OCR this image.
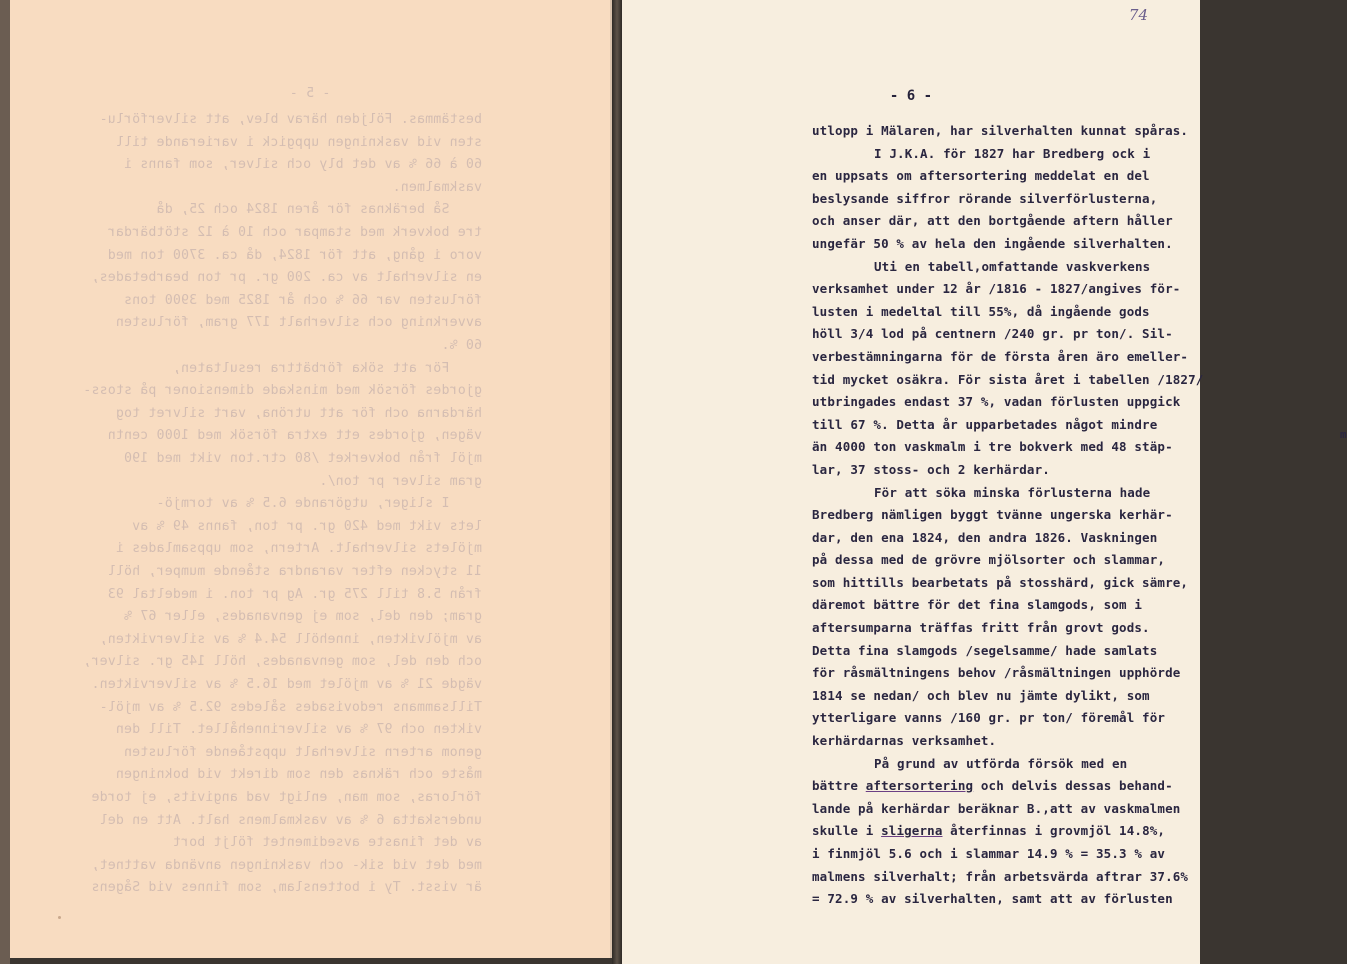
- 5 -
bestämmas. Följden härav blev, att silverförlu-
sten vid vaskningen uppgick i varierande till
60 à 66 % av det bly och silver, som fanns i
vaskmalmen.
Så beräknas för åren 1824 och 25, då
tre bokverk med stampar och 10 à 12 stötbärdar
voro i gång, att för 1824, då ca. 3700 ton med
en silverhalt av ca. 200 gr. pr ton bearbetades,
förlusten var 66 % och år 1825 med 3900 tons
avverkning och silverhalt 177 gram, förlusten
60 %.
För att söka förbättra resultaten,
gjordes försök med minskade dimensioner på stoss-
härdarna och för att utröna, vart silvret tog
vägen, gjordes ett extra försök med 1000 centn
mjöl från bokverket /80 ctr.ton vikt med 190
gram silver pr ton/.
I sliger, utgörande 6.5 % av tormjö-
lets vikt med 420 gr. pr ton, fanns 49 % av
mjölets silverhalt. Artern, som uppsamlades i
11 stycken efter varandra stående mumper, höll
från 5.8 till 275 gr. Ag pr ton. i medeltal 93
gram; den del, som ej genvanades, eller 67 %
av mjölvikten, innehöll 54.4 % av silvervikten,
och den del, som genvanades, höll 145 gr. silver,
vägde 21 % av mjölet med 16.5 % av silvervikten.
Tillsammans redovisades således 92.5 % av mjöl-
vikten och 97 % av silverinnehållet. Till den
genom artern silverhalt uppstående förlusten
måste och räknas den som direkt vid bokningen
förloras, som man, enligt vad angivits, ej torde
underskatta 6 % av vaskmalmens halt. Att en del
av det finaste avsedimentet följt bort
med det vid sik- och vaskningen använda vattnet,
är visst. Ty i bottenslam, som finnes vid Sågens
74
- 6 -
utlopp i Mälaren, har silverhalten kunnat spåras.
I J.K.A. för 1827 har Bredberg ock i
en uppsats om aftersortering meddelat en del
beslysande siffror rörande silverförlusterna,
och anser där, att den bortgående aftern håller
ungefär 50 % av hela den ingående silverhalten.
Uti en tabell,omfattande vaskverkens
verksamhet under 12 år /1816 - 1827/angives för-
lusten i medeltal till 55%, då ingående gods
höll 3/4 lod på centnern /240 gr. pr ton/. Sil-
verbestämningarna för de första åren äro emeller-
tid mycket osäkra. För sista året i tabellen /1827/
utbringades endast 37 %, vadan förlusten uppgick
till 67 %. Detta år upparbetades något mindre
än 4000 ton vaskmalm i tre bokverk med 48 stäp-
m
lar, 37 stoss- och 2 kerhärdar.
För att söka minska förlusterna hade
Bredberg nämligen byggt tvänne ungerska kerhär-
dar, den ena 1824, den andra 1826. Vaskningen
på dessa med de grövre mjölsorter och slammar,
som hittills bearbetats på stosshärd, gick sämre,
däremot bättre för det fina slamgods, som i
aftersumparna träffas fritt från grovt gods.
Detta fina slamgods /segelsamme/ hade samlats
för råsmältningens behov /råsmältningen upphörde
1814 se nedan/ och blev nu jämte dylikt, som
ytterligare vanns /160 gr. pr ton/ föremål för
kerhärdarnas verksamhet.
På grund av utförda försök med en
bättre aftersortering och delvis dessas behand-
lande på kerhärdar beräknar B.,att av vaskmalmen
skulle i sligerna återfinnas i grovmjöl 14.8%,
i finmjöl 5.6 och i slammar 14.9 % = 35.3 % av
malmens silverhalt; från arbetsvärda aftrar 37.6%
= 72.9 % av silverhalten, samt att av förlusten
